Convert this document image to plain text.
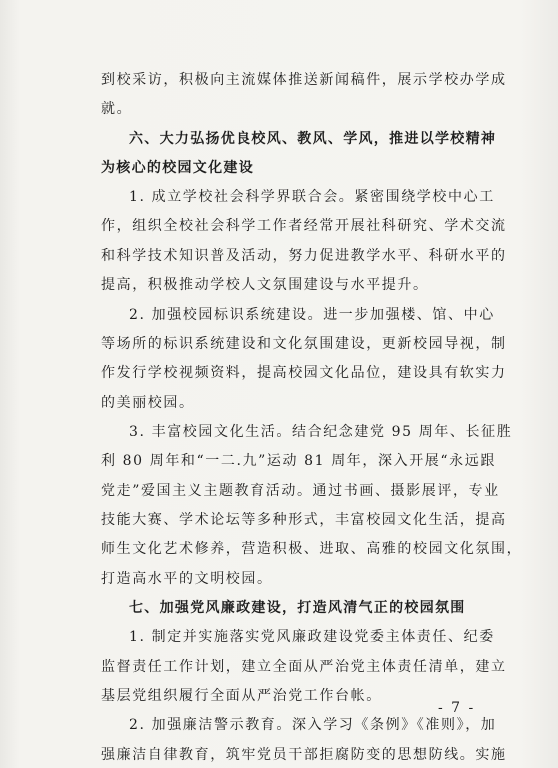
到校采访，积极向主流媒体推送新闻稿件，展示学校办学成
就。
六、大力弘扬优良校风、教风、学风，推进以学校精神
为核心的校园文化建设
1. 成立学校社会科学界联合会。紧密围绕学校中心工
作，组织全校社会科学工作者经常开展社科研究、学术交流
和科学技术知识普及活动，努力促进教学水平、科研水平的
提高，积极推动学校人文氛围建设与水平提升。
2. 加强校园标识系统建设。进一步加强楼、馆、中心
等场所的标识系统建设和文化氛围建设，更新校园导视，制
作发行学校视频资料，提高校园文化品位，建设具有软实力
的美丽校园。
3. 丰富校园文化生活。结合纪念建党 95 周年、长征胜
利 80 周年和“一二.九”运动 81 周年，深入开展“永远跟
党走”爱国主义主题教育活动。通过书画、摄影展评，专业
技能大赛、学术论坛等多种形式，丰富校园文化生活，提高
师生文化艺术修养，营造积极、进取、高雅的校园文化氛围，
打造高水平的文明校园。
七、加强党风廉政建设，打造风清气正的校园氛围
1. 制定并实施落实党风廉政建设党委主体责任、纪委
监督责任工作计划，建立全面从严治党主体责任清单，建立
基层党组织履行全面从严治党工作台帐。
2. 加强廉洁警示教育。深入学习《条例》《准则》，加
强廉洁自律教育，筑牢党员干部拒腐防变的思想防线。实施
- 7 -
